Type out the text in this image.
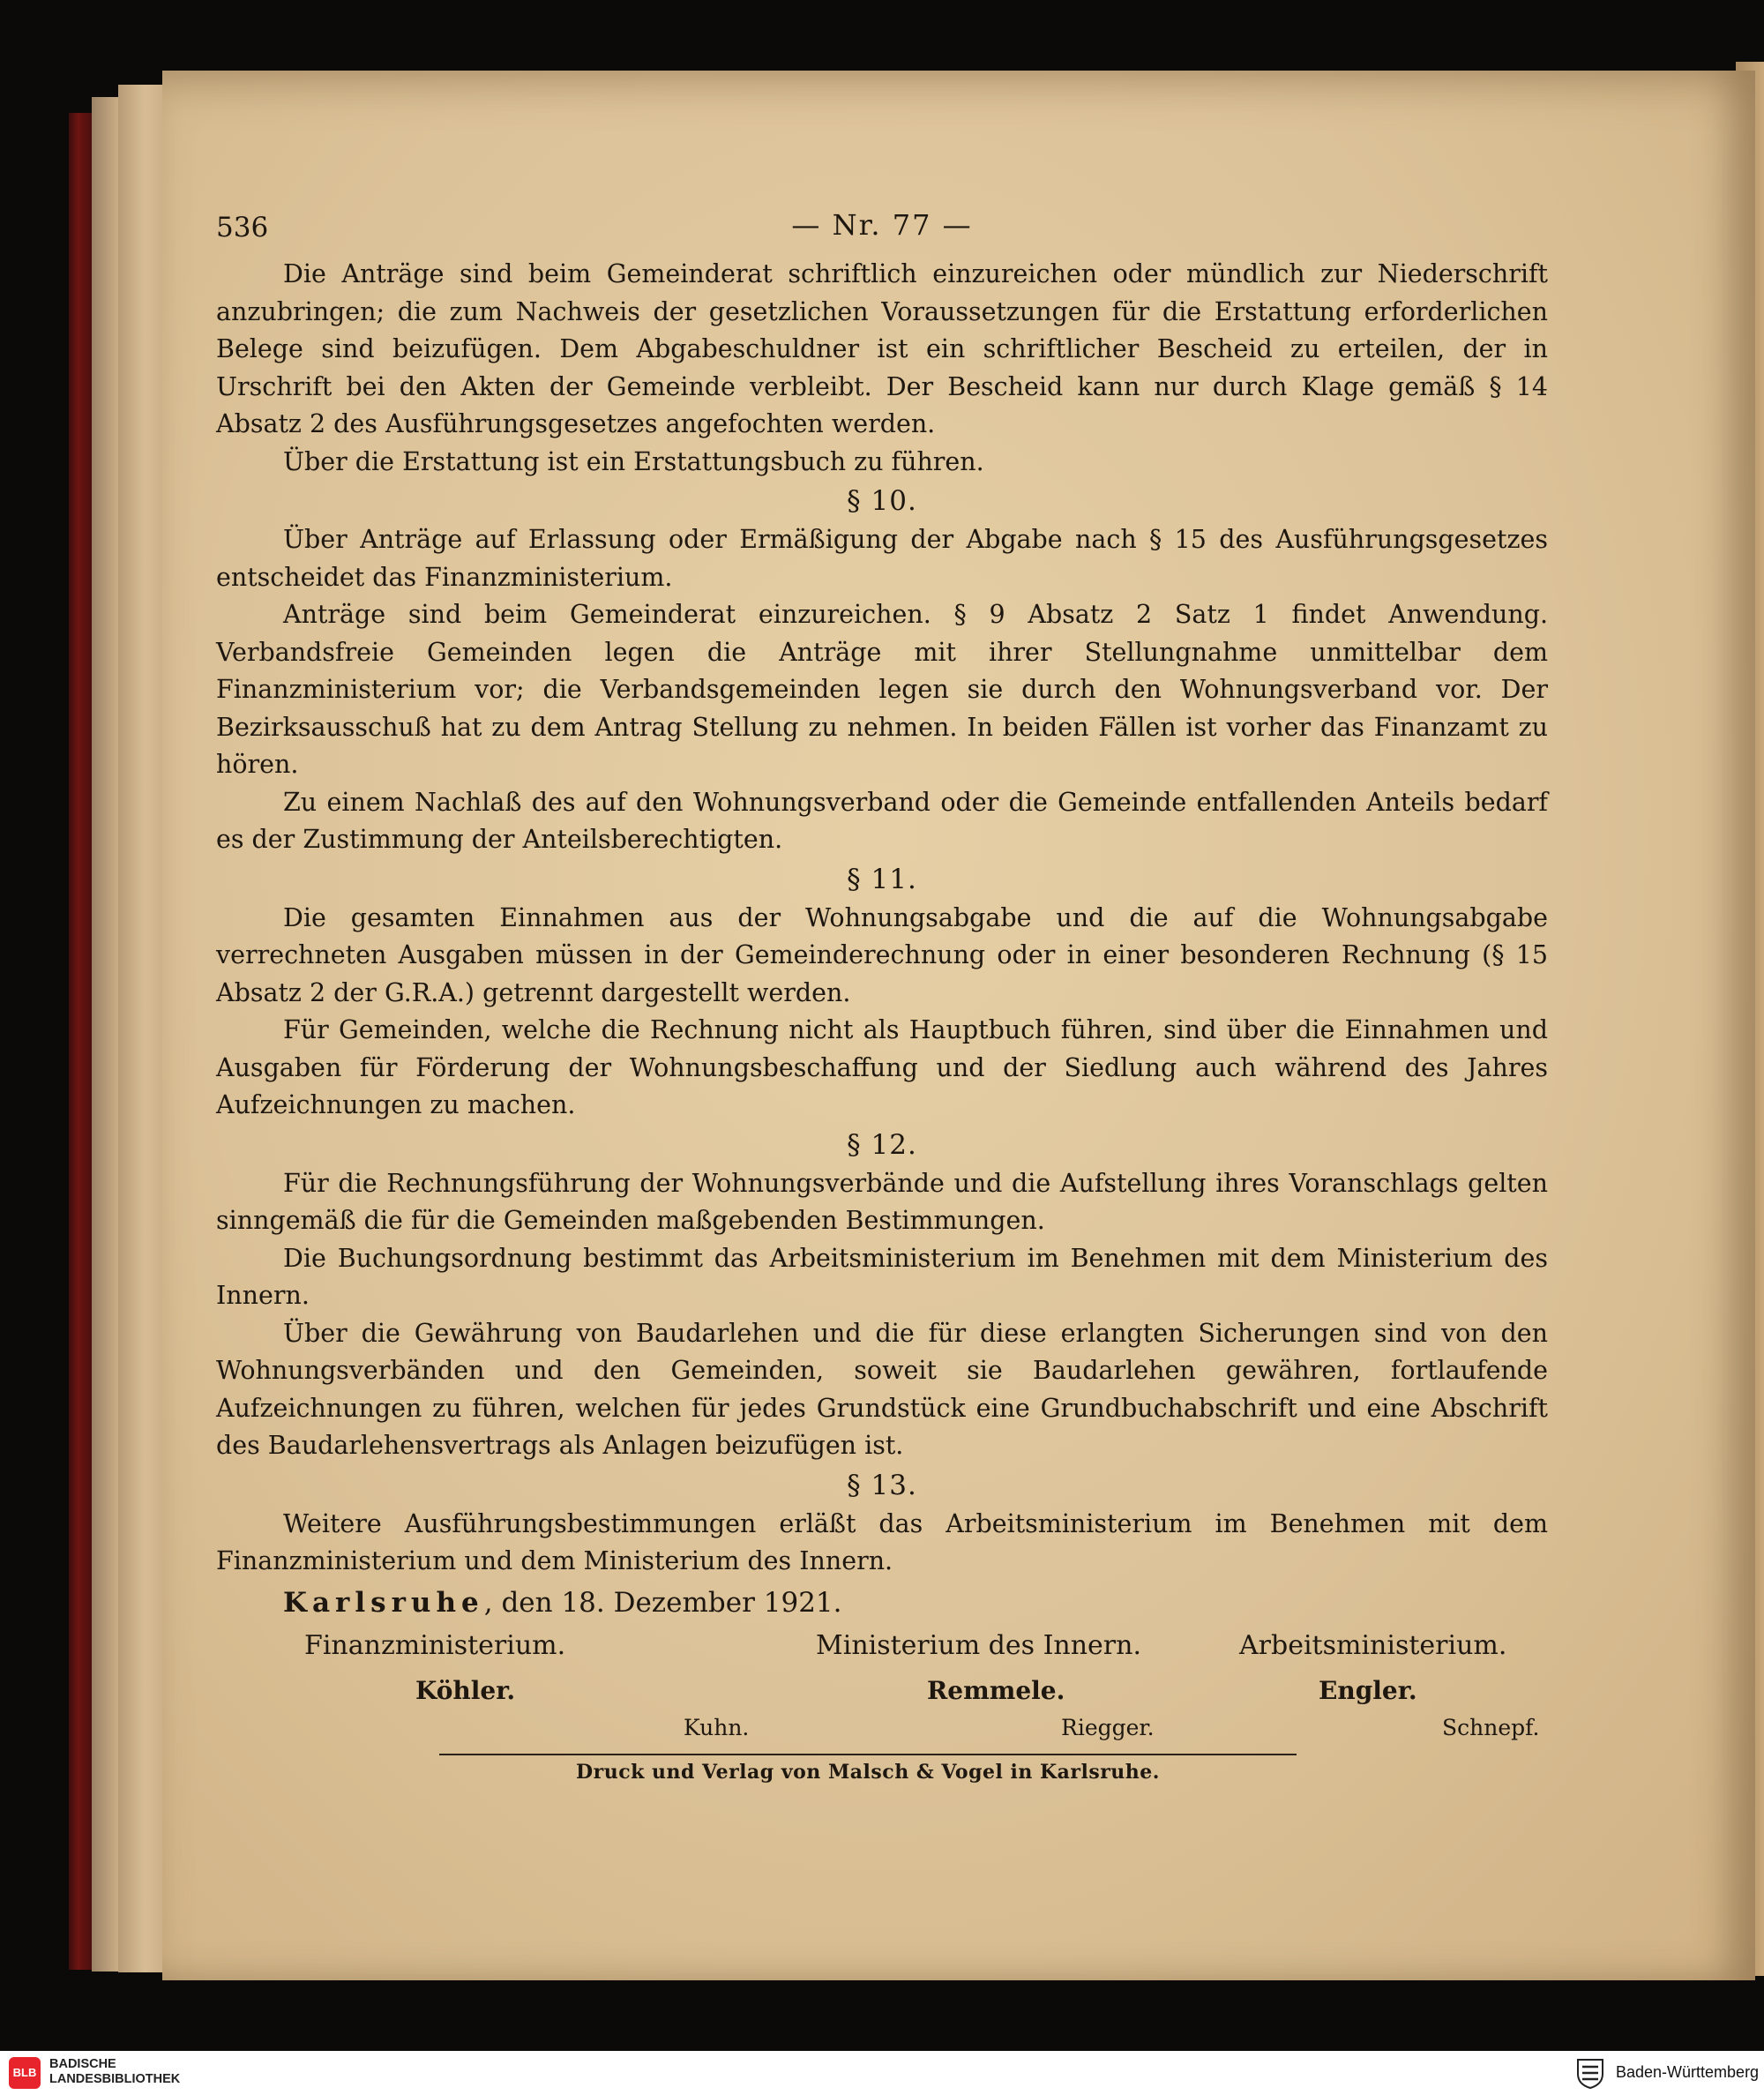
536	— Nr. 77 —

Die Anträge sind beim Gemeinderat schriftlich einzureichen oder mündlich zur Niederschrift anzubringen; die zum Nachweis der gesetzlichen Voraussetzungen für die Erstattung erforderlichen Belege sind beizufügen. Dem Abgabeschuldner ist ein schriftlicher Bescheid zu erteilen, der in Urschrift bei den Akten der Gemeinde verbleibt. Der Bescheid kann nur durch Klage gemäß § 14 Absatz 2 des Ausführungsgesetzes angefochten werden.

Über die Erstattung ist ein Erstattungsbuch zu führen.

§ 10.

Über Anträge auf Erlassung oder Ermäßigung der Abgabe nach § 15 des Ausführungsgesetzes entscheidet das Finanzministerium.

Anträge sind beim Gemeinderat einzureichen. § 9 Absatz 2 Satz 1 findet Anwendung. Verbandsfreie Gemeinden legen die Anträge mit ihrer Stellungnahme unmittelbar dem Finanzministerium vor; die Verbandsgemeinden legen sie durch den Wohnungsverband vor. Der Bezirksausschuß hat zu dem Antrag Stellung zu nehmen. In beiden Fällen ist vorher das Finanzamt zu hören.

Zu einem Nachlaß des auf den Wohnungsverband oder die Gemeinde entfallenden Anteils bedarf es der Zustimmung der Anteilsberechtigten.

§ 11.

Die gesamten Einnahmen aus der Wohnungsabgabe und die auf die Wohnungsabgabe verrechneten Ausgaben müssen in der Gemeinderechnung oder in einer besonderen Rechnung (§ 15 Absatz 2 der G.R.A.) getrennt dargestellt werden.

Für Gemeinden, welche die Rechnung nicht als Hauptbuch führen, sind über die Einnahmen und Ausgaben für Förderung der Wohnungsbeschaffung und der Siedlung auch während des Jahres Aufzeichnungen zu machen.

§ 12.

Für die Rechnungsführung der Wohnungsverbände und die Aufstellung ihres Voranschlags gelten sinngemäß die für die Gemeinden maßgebenden Bestimmungen.

Die Buchungsordnung bestimmt das Arbeitsministerium im Benehmen mit dem Ministerium des Innern.

Über die Gewährung von Baudarlehen und die für diese erlangten Sicherungen sind von den Wohnungsverbänden und den Gemeinden, soweit sie Baudarlehen gewähren, fortlaufende Aufzeichnungen zu führen, welchen für jedes Grundstück eine Grundbuchabschrift und eine Abschrift des Baudarlehensvertrags als Anlagen beizufügen ist.

§ 13.

Weitere Ausführungsbestimmungen erläßt das Arbeitsministerium im Benehmen mit dem Finanzministerium und dem Ministerium des Innern.

Karlsruhe, den 18. Dezember 1921.

Finanzministerium.	Ministerium des Innern.	Arbeitsministerium.
Köhler.	Remmele.	Engler.
Kuhn.	Riegger.	Schnepf.
Druck und Verlag von Malsch & Vogel in Karlsruhe.
BLB
BADISCHE
LANDESBIBLIOTHEK	Baden-Württemberg
